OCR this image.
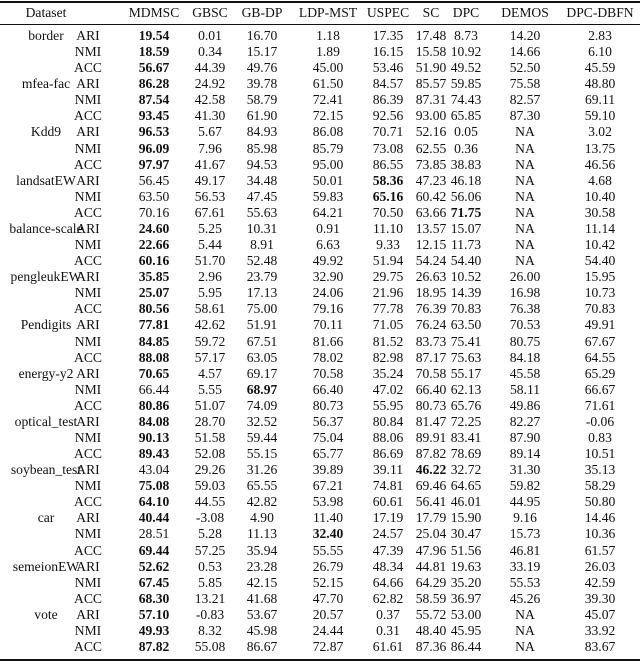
Dataset	MDMSC GBSC GB-DP LDP-MST USPEC SC DPC DEMOS DPC-DBFN
border ARI	19.54 0.01 16.70	1.18 17.35 17.48 8.73 14.20	2.83
NMI	18.59 0.34 15.17	1.89 16.15 15.58 10.92 14.66	6.10
ACC	56.67 44.39 49.76	45.00 53.46 51.90 49.52 52.50	45.59
mfea-fac ARI	86.28 24.92 39.78	61.50 84.57 85.57 59.85 75.58	48.80
NMI	87.54 42.58 58.79	72.41 86.39 87.31 74.43 82.57	69.11
ACC	93.45 41.30 61.90	72.15 92.56 93.00 65.85 87.30	59.10
Kdd9 ARI	96.53 5.67 84.93	86.08 70.71 52.16 0.05	NA	3.02
NMI	96.09 7.96 85.98	85.79 73.08 62.55 0.36	NA	13.75
ACC	97.97 41.67 94.53	95.00 86.55 73.85 38.83 NA	46.56
landsatEW ARI	56.45 49.17 34.48	50.01 58.36 47.23 46.18 NA	4.68
NMI	63.50 56.53 47.45	59.83 65.16 60.42 56.06 NA	10.40
ACC	70.16 67.61 55.63	64.21 70.50 63.66 71.75 NA	30.58
balance-scale
ARI	24.60 5.25 10.31	0.91 11.10 13.57 15.07 NA	11.14
NMI	22.66 5.44 8.91	6.63	9.33 12.15 11.73	NA	10.42
ACC	60.16 51.70 52.48	49.92 51.94 54.24 54.40 NA	54.40
pengleukEW
ARI	35.85 2.96 23.79	32.90 29.75 26.63 10.52 26.00	15.95
NMI	25.07 5.95 17.13	24.06 21.96 18.95 14.39 16.98	10.73
ACC	80.56 58.61 75.00	79.16 77.78 76.39 70.83 76.38	70.83
Pendigits ARI	77.81 42.62 51.91	70.11 71.05 76.24 63.50 70.53	49.91
NMI	84.85 59.72 67.51	81.66 81.52 83.73 75.41 80.75	67.67
ACC	88.08 57.17 63.05	78.02 82.98 87.17 75.63 84.18	64.55
energy-y2 ARI	70.65 4.57 69.17	70.58 35.24 70.58 55.17 45.58	65.29
NMI	66.44 5.55 68.97	66.40 47.02 66.40 62.13 58.11	66.67
ACC	80.86 51.07 74.09	80.73 55.95 80.73 65.76 49.86	71.61
optical_test
ARI	84.08 28.70 32.52	56.37 80.84 81.47 72.25 82.27	-0.06
NMI	90.13 51.58 59.44	75.04 88.06 89.91 83.41 87.90	0.83
ACC	89.43 52.08 55.15	65.77 86.69 87.82 78.69 89.14	10.51
soybean_test
ARI	43.04 29.26 31.26	39.89 39.11 46.22 32.72 31.30	35.13
NMI	75.08 59.03 65.55	67.21 74.81 69.46 64.65 59.82	58.29
ACC	64.10 44.55 42.82	53.98 60.61 56.41 46.01 44.95	50.80
car ARI	40.44 -3.08 4.90	11.40 17.19 17.79 15.90 9.16	14.46
NMI	28.51 5.28 11.13	32.40 24.57 25.04 30.47 15.73	10.36
ACC	69.44 57.25 35.94	55.55 47.39 47.96 51.56 46.81	61.57
semeionEW
ARI	52.62 0.53 23.28	26.79 48.34 44.81 19.63 33.19	26.03
NMI	67.45 5.85 42.15	52.15 64.66 64.29 35.20 55.53	42.59
ACC	68.30 13.21 41.68	47.70 62.82 58.59 36.97 45.26	39.30
vote ARI	57.10 -0.83 53.67	20.57 0.37 55.72 53.00 NA	45.07
NMI	49.93 8.32 45.98	24.44 0.31 48.40 45.95 NA	33.92
ACC	87.82 55.08 86.67	72.87 61.61 87.36 86.44 NA	83.67
